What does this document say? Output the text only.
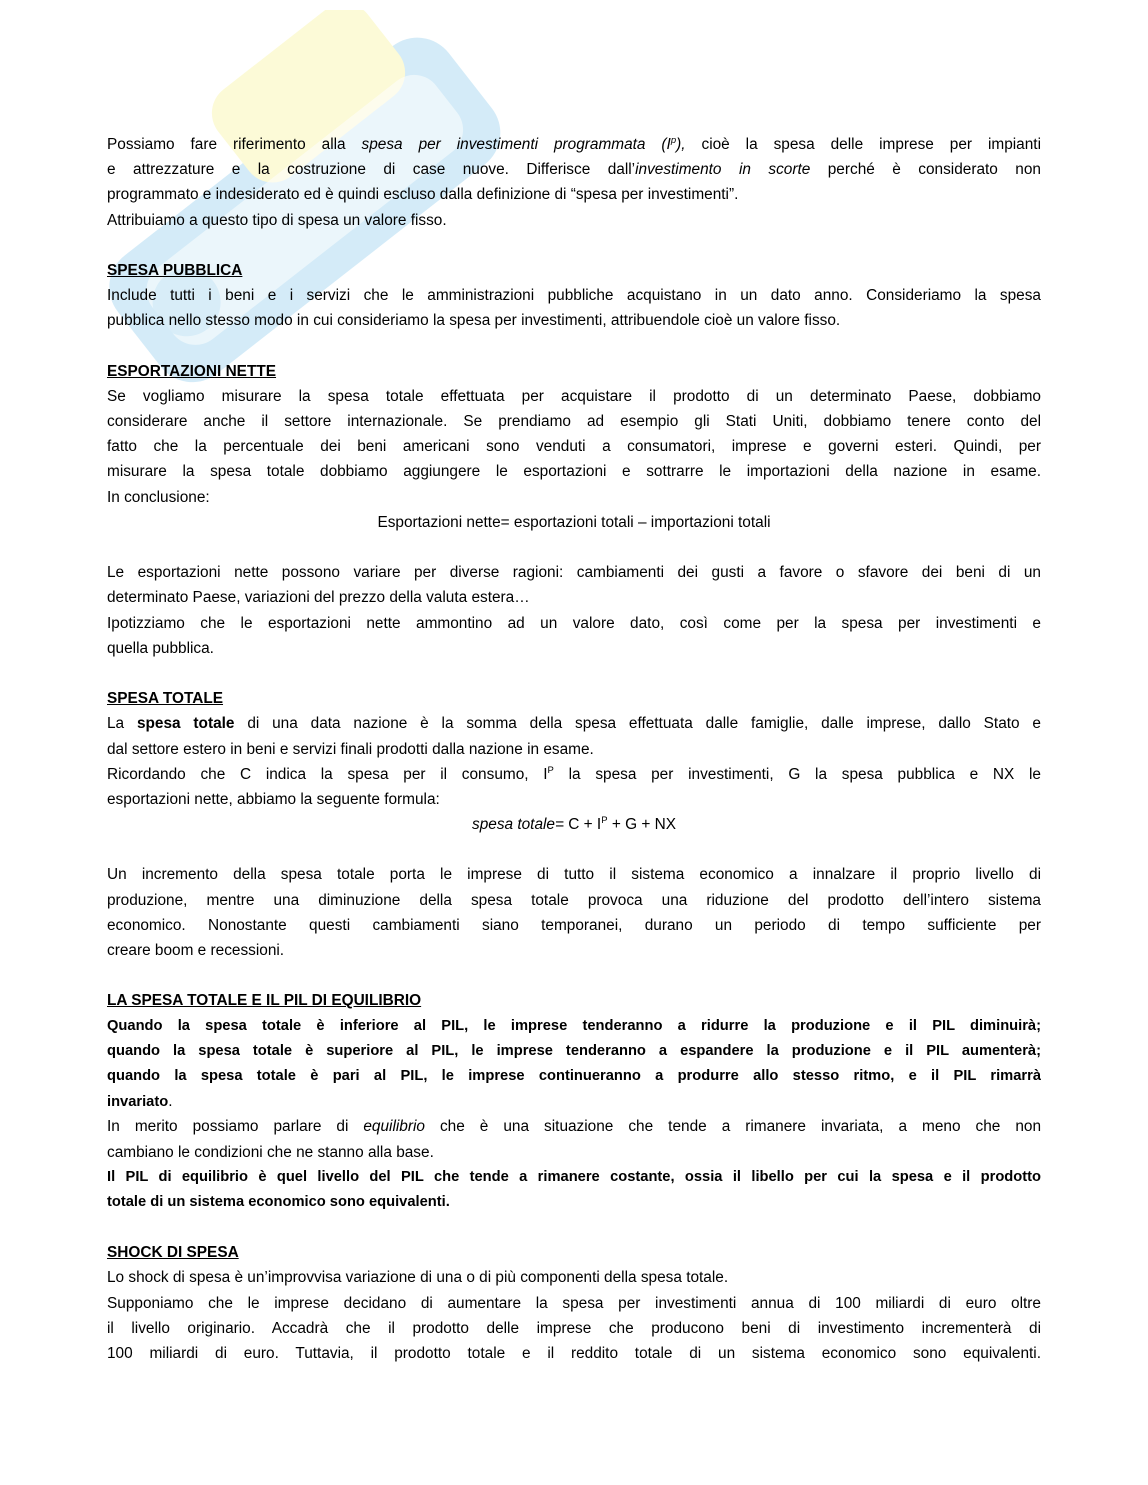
Possiamo fare riferimento alla spesa per investimenti programmata $(I^p)$, cioè la spesa delle imprese per impianti
e attrezzature e la costruzione di case nuove. Differisce dall’investimento in scorte perché è considerato non
programmato e indesiderato ed è quindi escluso dalla definizione di “spesa per investimenti”.
Attribuiamo a questo tipo di spesa un valore fisso.
SPESA PUBBLICA
Include tutti i beni e i servizi che le amministrazioni pubbliche acquistano in un dato anno. Consideriamo la spesa
pubblica nello stesso modo in cui consideriamo la spesa per investimenti, attribuendole cioè un valore fisso.
ESPORTAZIONI NETTE
Se vogliamo misurare la spesa totale effettuata per acquistare il prodotto di un determinato Paese, dobbiamo
considerare anche il settore internazionale. Se prendiamo ad esempio gli Stati Uniti, dobbiamo tenere conto del
fatto che la percentuale dei beni americani sono venduti a consumatori, imprese e governi esteri. Quindi, per
misurare la spesa totale dobbiamo aggiungere le esportazioni e sottrarre le importazioni della nazione in esame.
In conclusione:
Esportazioni nette= esportazioni totali – importazioni totali
Le esportazioni nette possono variare per diverse ragioni: cambiamenti dei gusti a favore o sfavore dei beni di un
determinato Paese, variazioni del prezzo della valuta estera…
Ipotizziamo che le esportazioni nette ammontino ad un valore dato, così come per la spesa per investimenti e
quella pubblica.
SPESA TOTALE
La spesa totale di una data nazione è la somma della spesa effettuata dalle famiglie, dalle imprese, dallo Stato e
dal settore estero in beni e servizi finali prodotti dalla nazione in esame.
Ricordando che C indica la spesa per il consumo, $I^P$ la spesa per investimenti, G la spesa pubblica e NX le
esportazioni nette, abbiamo la seguente formula:
spesa totale= $C + I^P + G$ + NX
Un incremento della spesa totale porta le imprese di tutto il sistema economico a innalzare il proprio livello di
produzione, mentre una diminuzione della spesa totale provoca una riduzione del prodotto dell’intero sistema
economico. Nonostante questi cambiamenti siano temporanei, durano un periodo di tempo sufficiente per
creare boom e recessioni.
LA SPESA TOTALE E IL PIL DI EQUILIBRIO
Quando la spesa totale è inferiore al PIL, le imprese tenderanno a ridurre la produzione e il PIL diminuirà;
quando la spesa totale è superiore al PIL, le imprese tenderanno a espandere la produzione e il PIL aumenterà;
quando la spesa totale è pari al PIL, le imprese continueranno a produrre allo stesso ritmo, e il PIL rimarrà
invariato.
In merito possiamo parlare di equilibrio che è una situazione che tende a rimanere invariata, a meno che non
cambiano le condizioni che ne stanno alla base.
Il PIL di equilibrio è quel livello del PIL che tende a rimanere costante, ossia il libello per cui la spesa e il prodotto
totale di un sistema economico sono equivalenti.
SHOCK DI SPESA
Lo shock di spesa è un’improvvisa variazione di una o di più componenti della spesa totale.
Supponiamo che le imprese decidano di aumentare la spesa per investimenti annua di 100 miliardi di euro oltre
il livello originario. Accadrà che il prodotto delle imprese che producono beni di investimento incrementerà di
100 miliardi di euro. Tuttavia, il prodotto totale e il reddito totale di un sistema economico sono equivalenti.
